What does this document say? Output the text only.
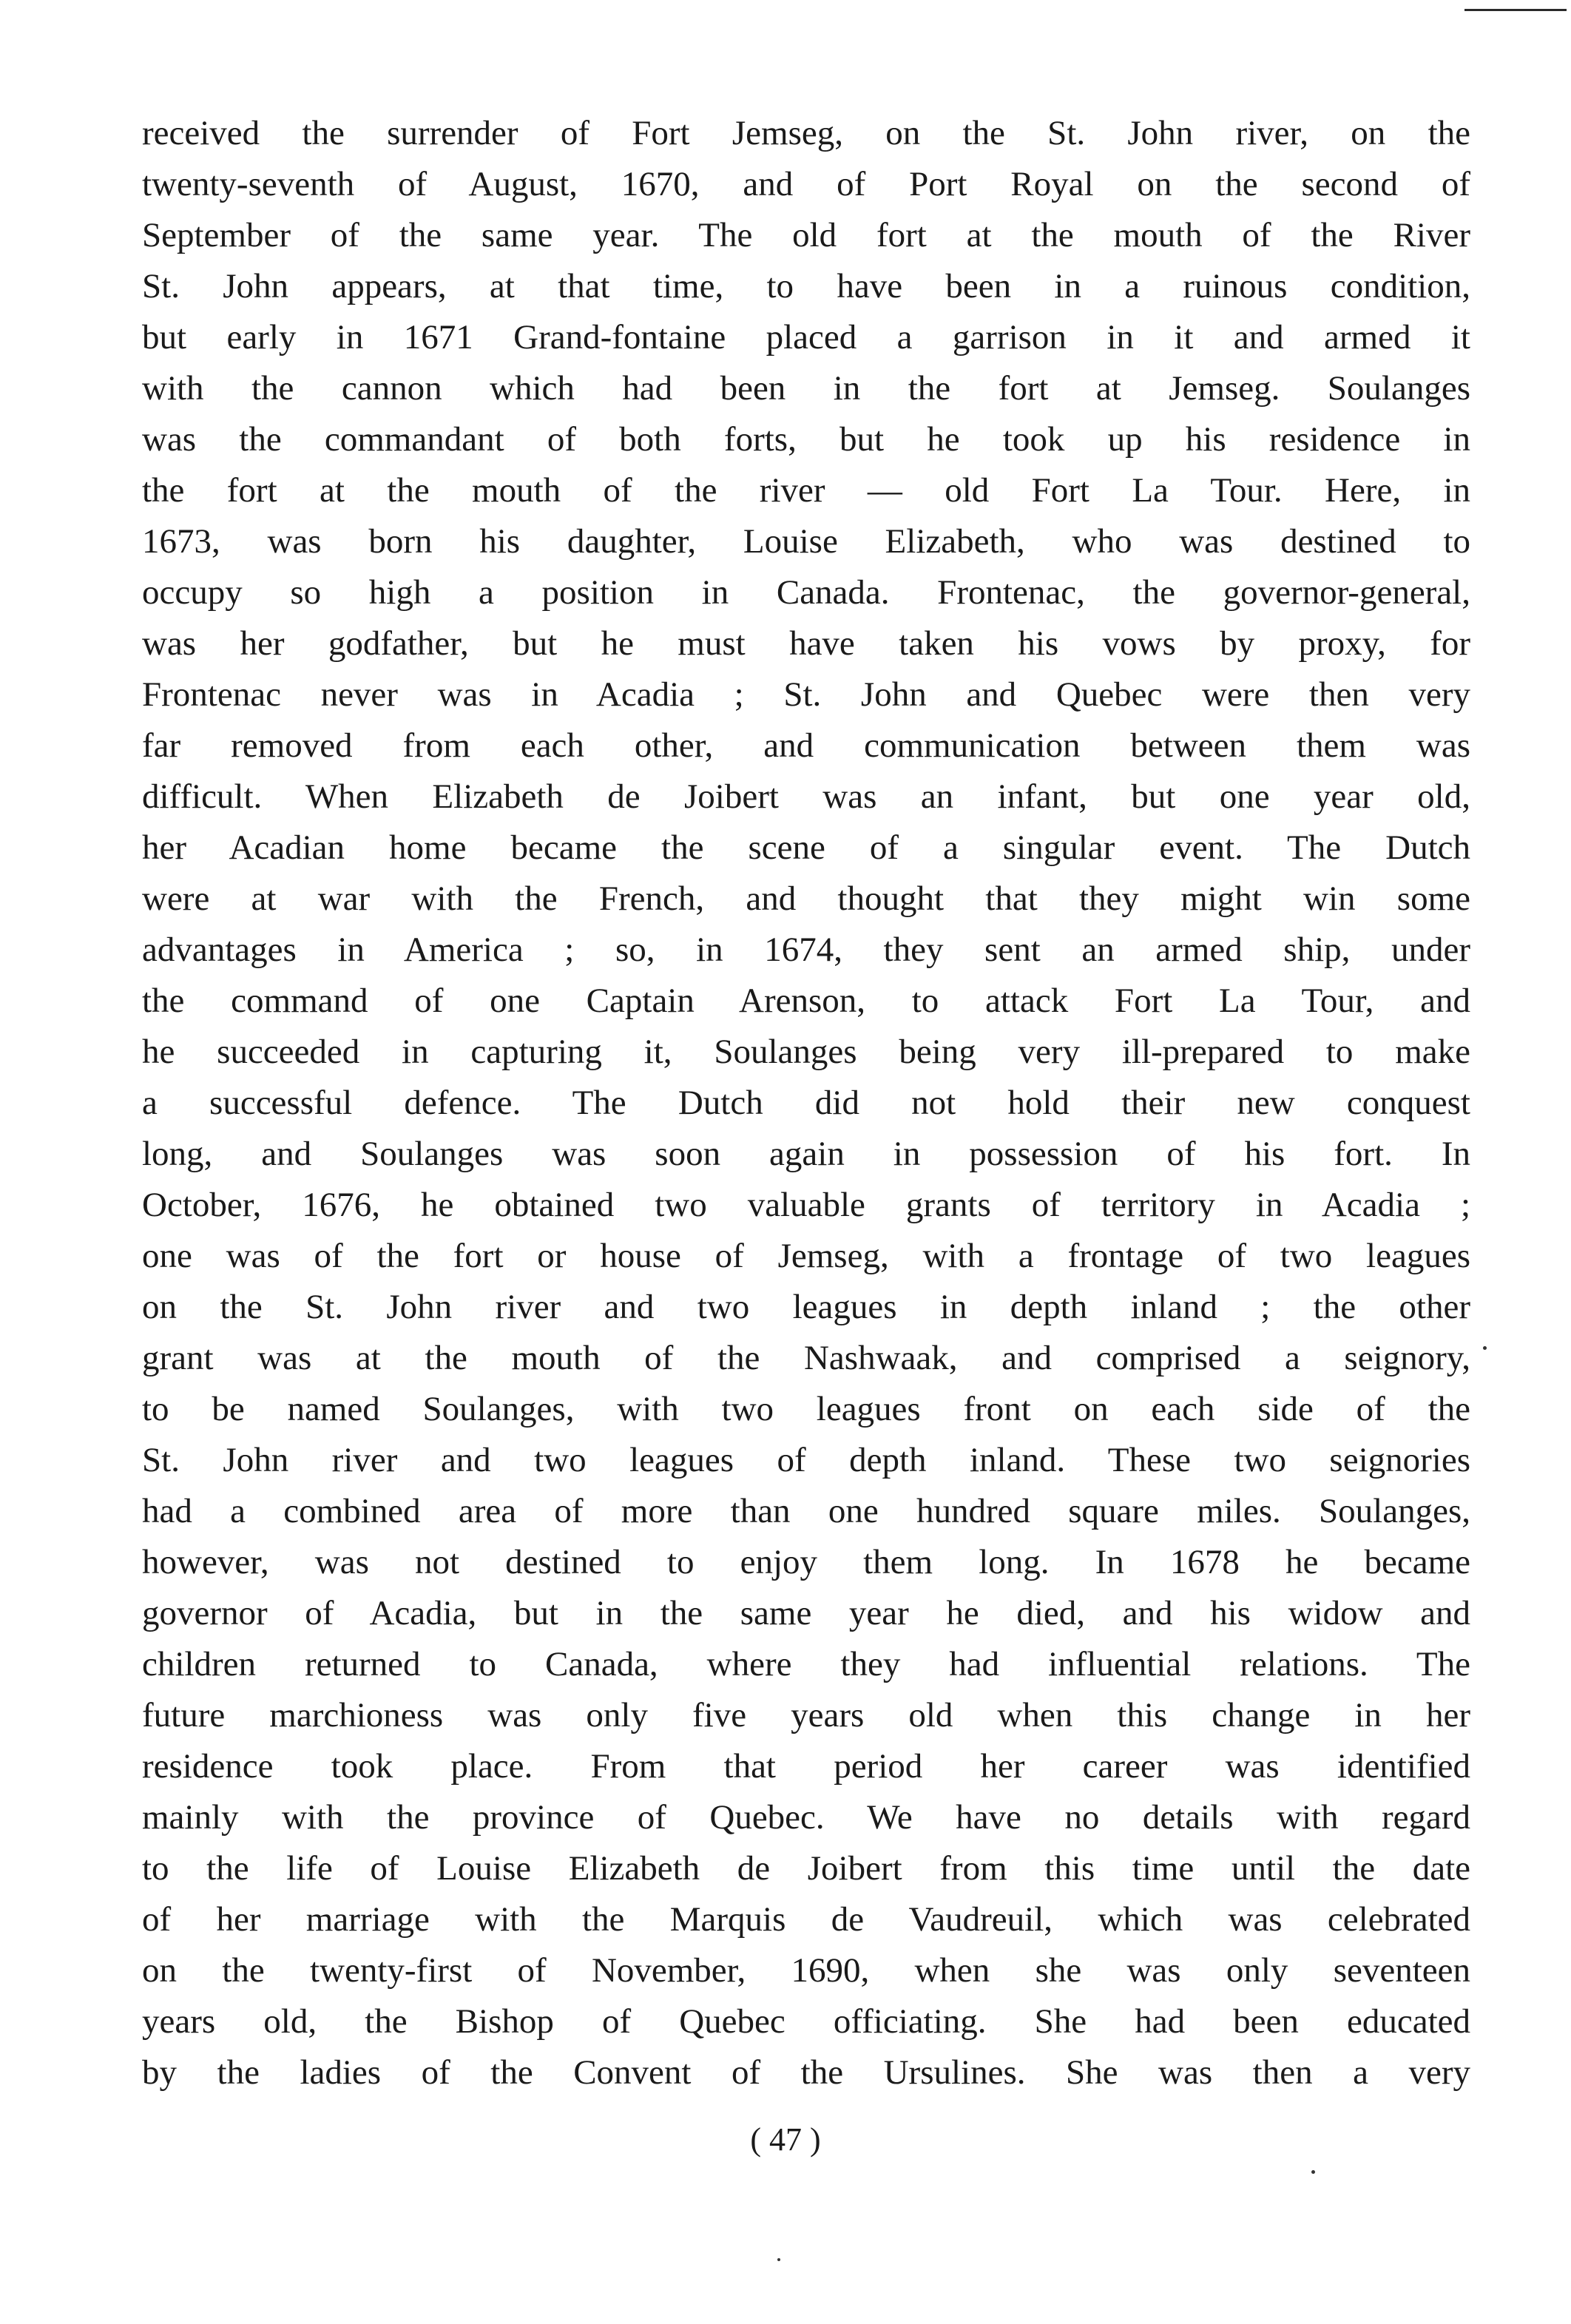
received the surrender of Fort Jemseg, on the St. John river, on the
twenty-seventh of August, 1670, and of Port Royal on the second of
September of the same year. The old fort at the mouth of the River
St. John appears, at that time, to have been in a ruinous condition,
but early in 1671 Grand-fontaine placed a garrison in it and armed it
with the cannon which had been in the fort at Jemseg. Soulanges
was the commandant of both forts, but he took up his residence in
the fort at the mouth of the river — old Fort La Tour. Here, in
1673, was born his daughter, Louise Elizabeth, who was destined to
occupy so high a position in Canada. Frontenac, the governor-general,
was her godfather, but he must have taken his vows by proxy, for
Frontenac never was in Acadia ; St. John and Quebec were then very
far removed from each other, and communication between them was
difficult. When Elizabeth de Joibert was an infant, but one year old,
her Acadian home became the scene of a singular event. The Dutch
were at war with the French, and thought that they might win some
advantages in America ; so, in 1674, they sent an armed ship, under
the command of one Captain Arenson, to attack Fort La Tour, and
he succeeded in capturing it, Soulanges being very ill-prepared to make
a successful defence. The Dutch did not hold their new conquest
long, and Soulanges was soon again in possession of his fort. In
October, 1676, he obtained two valuable grants of territory in Acadia ;
one was of the fort or house of Jemseg, with a frontage of two leagues
on the St. John river and two leagues in depth inland ; the other
grant was at the mouth of the Nashwaak, and comprised a seignory,
to be named Soulanges, with two leagues front on each side of the
St. John river and two leagues of depth inland. These two seignories
had a combined area of more than one hundred square miles. Soulanges,
however, was not destined to enjoy them long. In 1678 he became
governor of Acadia, but in the same year he died, and his widow and
children returned to Canada, where they had influential relations. The
future marchioness was only five years old when this change in her
residence took place. From that period her career was identified
mainly with the province of Quebec. We have no details with regard
to the life of Louise Elizabeth de Joibert from this time until the date
of her marriage with the Marquis de Vaudreuil, which was celebrated
on the twenty-first of November, 1690, when she was only seventeen
years old, the Bishop of Quebec officiating. She had been educated
by the ladies of the Convent of the Ursulines. She was then a very
( 47 )
